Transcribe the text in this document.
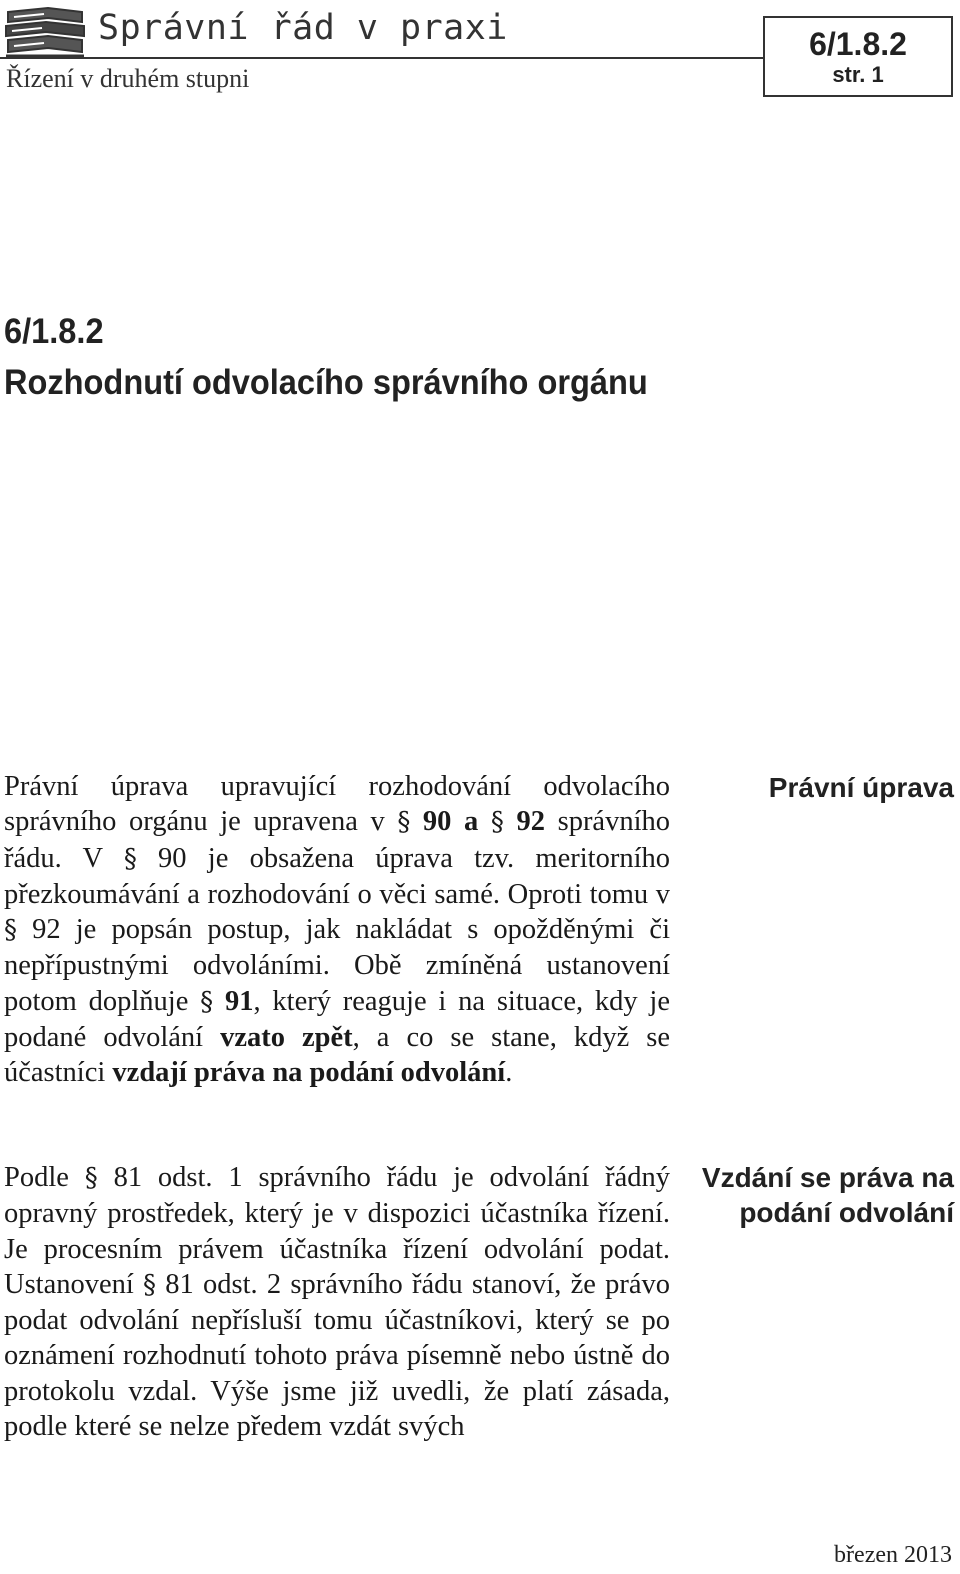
Správní řád v praxi
Řízení v druhém stupni
6/1.8.2
str. 1
6/1.8.2
Rozhodnutí odvolacího správního orgánu
Právní úprava upravující rozhodování odvolacího správního orgánu je upravena v § 90 a § 92 správního řádu. V § 90 je obsažena úprava tzv. meritorního přezkoumávání a rozhodování o věci samé. Oproti tomu v § 92 je popsán postup, jak nakládat s opožděnými či nepřípustnými odvoláními. Obě zmíněná ustanovení potom doplňuje § 91, který reaguje i na situace, kdy je podané odvolání vzato zpět, a co se stane, když se účastníci vzdají práva na podání odvolání.
Podle § 81 odst. 1 správního řádu je odvolání řádný opravný prostředek, který je v dispozici účastníka řízení. Je procesním právem účastníka řízení odvolání podat. Ustanovení § 81 odst. 2 správního řádu stanoví, že právo podat odvolání nepřísluší tomu účastníkovi, který se po oznámení rozhodnutí tohoto práva písemně nebo ústně do protokolu vzdal. Výše jsme již uvedli, že platí zásada, podle které se nelze předem vzdát svých
Právní úprava
Vzdání se práva na
podání odvolání
březen 2013
